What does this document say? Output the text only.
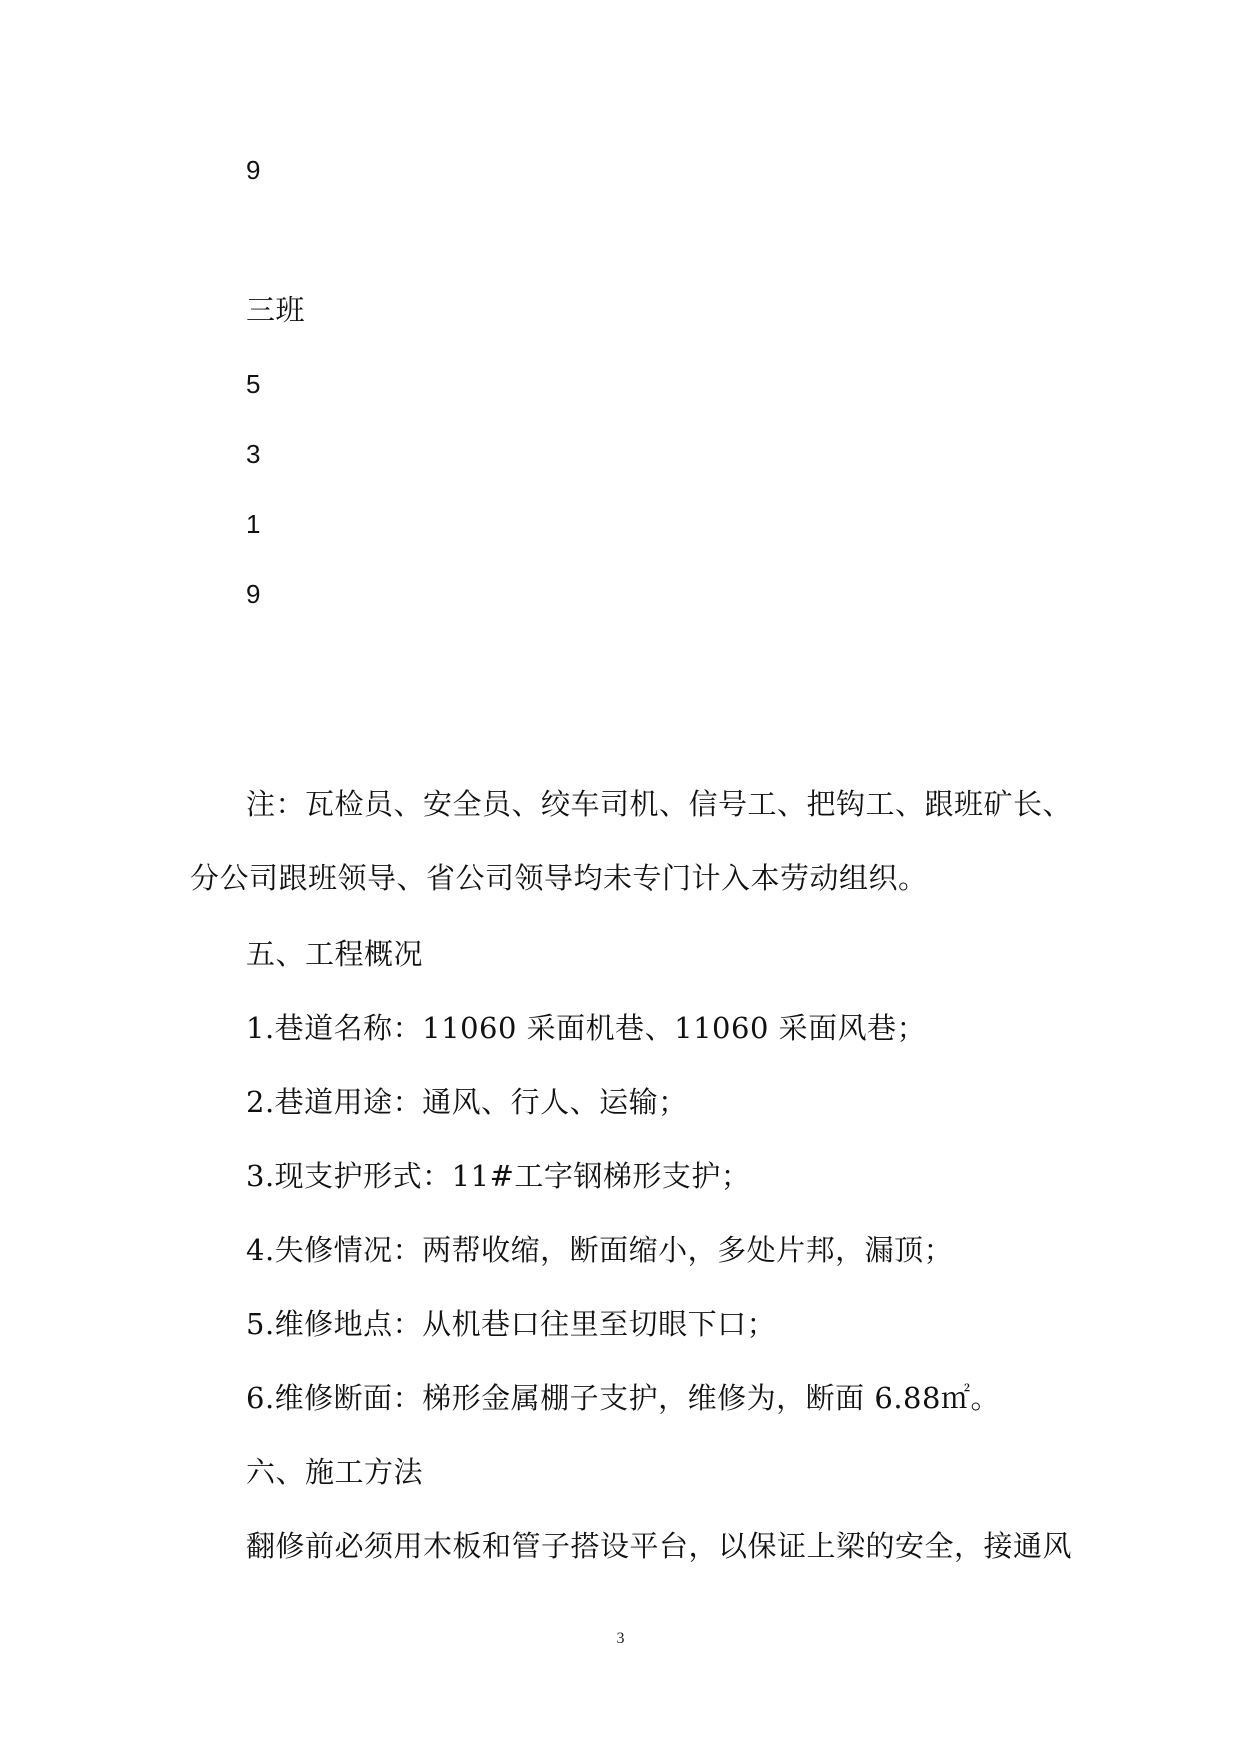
9
三班
5
3
1
9
注：瓦检员、安全员、绞车司机、信号工、把钩工、跟班矿长、
分公司跟班领导、省公司领导均未专门计入本劳动组织。
五、工程概况
1.巷道名称：11060 采面机巷、11060 采面风巷；
2.巷道用途：通风、行人、运输；
3.现支护形式：11#工字钢梯形支护；
4.失修情况：两帮收缩，断面缩小，多处片邦，漏顶；
5.维修地点：从机巷口往里至切眼下口；
6.维修断面：梯形金属棚子支护，维修为，断面 6.88㎡。
六、施工方法
翻修前必须用木板和管子搭设平台，以保证上梁的安全，接通风
3
